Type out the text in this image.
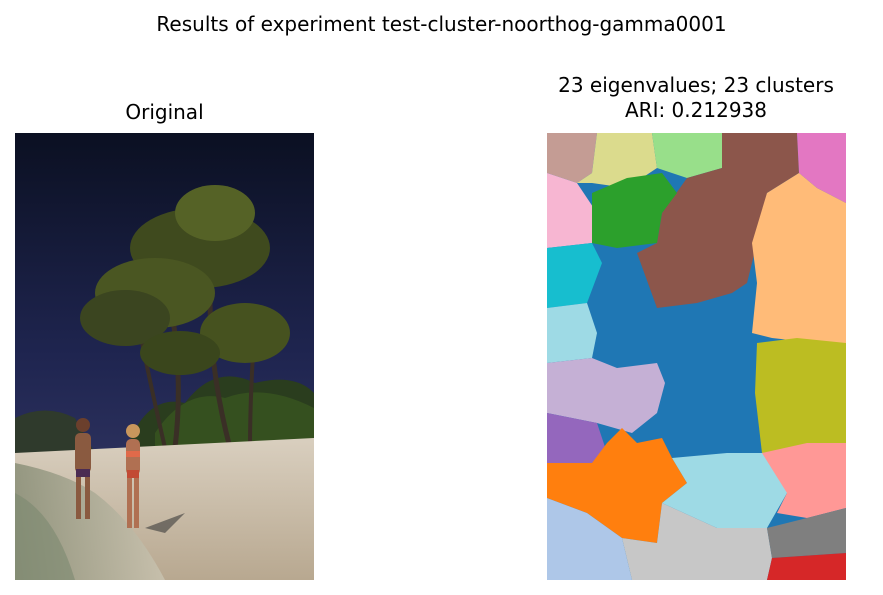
Results of experiment test-cluster-noorthog-gamma0001
Original
23 eigenvalues; 23 clusters
ARI: 0.212938
